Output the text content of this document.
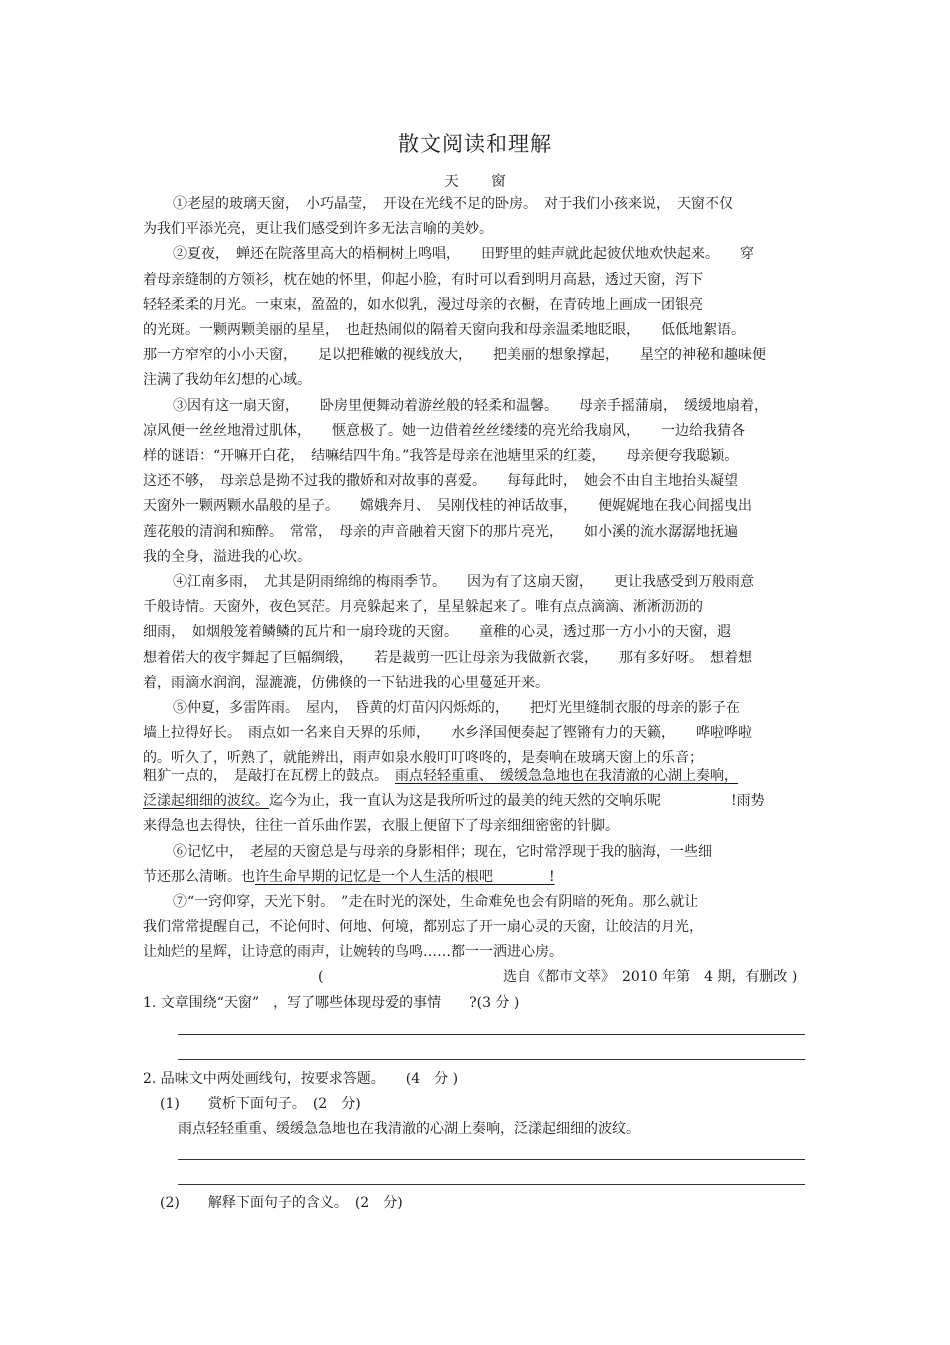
散文阅读和理解
天 窗
①老屋的玻璃天窗，　小巧晶莹，　开设在光线不足的卧房。　对于我们小孩来说，　天窗不仅
为我们平添光亮，更让我们感受到许多无法言喻的美妙。
②夏夜，　蝉还在院落里高大的梧桐树上鸣唱，　　田野里的蛙声就此起彼伏地欢快起来。　　穿
着母亲缝制的方领衫，枕在她的怀里，仰起小脸，有时可以看到明月高悬，透过天窗，泻下
轻轻柔柔的月光。一束束，盈盈的，如水似乳，漫过母亲的衣橱，在青砖地上画成一团银亮
的光斑。一颗两颗美丽的星星，　也赶热闹似的隔着天窗向我和母亲温柔地眨眼，　　低低地絮语。
那一方窄窄的小小天窗，　　足以把稚嫩的视线放大，　　把美丽的想象撑起，　　星空的神秘和趣味便
注满了我幼年幻想的心域。
③因有这一扇天窗，　　卧房里便舞动着游丝般的轻柔和温馨。　　母亲手摇蒲扇，　缓缓地扇着，
凉风便一丝丝地滑过肌体，　　惬意极了。她一边借着丝丝缕缕的亮光给我扇风，　　一边给我猜各
样的谜语：“开嘛开白花，　结嘛结四牛角。”我答是母亲在池塘里采的红菱，　　母亲便夸我聪颖。
这还不够，　母亲总是拗不过我的撒娇和对故事的喜爱。　　每每此时，　她会不由自主地抬头凝望
天窗外一颗两颗水晶般的星子。　　嫦娥奔月、　吴刚伐桂的神话故事，　　便娓娓地在我心间摇曳出
莲花般的清润和痴醉。　常常，　母亲的声音融着天窗下的那片亮光，　　如小溪的流水潺潺地抚遍
我的全身，溢进我的心坎。
④江南多雨，　尤其是阴雨绵绵的梅雨季节。　　因为有了这扇天窗，　　更让我感受到万般雨意
千般诗情。天窗外，夜色冥茫。月亮躲起来了，星星躲起来了。唯有点点滴滴、淅淅沥沥的
细雨，　如烟般笼着鳞鳞的瓦片和一扇玲珑的天窗。　　童稚的心灵，透过那一方小小的天窗，遐
想着偌大的夜宇舞起了巨幅绸缎，　　若是裁剪一匹让母亲为我做新衣裳，　　那有多好呀。　想着想
着，雨滴水润润，湿漉漉，仿佛倏的一下钻进我的心里蔓延开来。
⑤仲夏，多雷阵雨。　屋内，　昏黄的灯苗闪闪烁烁的，　　把灯光里缝制衣服的母亲的影子在
墙上拉得好长。　雨点如一名来自天界的乐师，　　水乡泽国便奏起了铿锵有力的天籁，　　哗啦哗啦
的。听久了，听熟了，就能辨出，雨声如泉水般叮叮咚咚的，是奏响在玻璃天窗上的乐音；
粗犷一点的，　是敲打在瓦楞上的鼓点。　雨点轻轻重重、　缓缓急急地也在我清澈的心湖上奏响，
泛漾起细细的波纹。迄今为止，我一直认为这是我所听过的最美的纯天然的交响乐呢　　　　　!雨势
来得急也去得快，往往一首乐曲作罢，衣服上便留下了母亲细细密密的针脚。
⑥记忆中，　老屋的天窗总是与母亲的身影相伴；现在，它时常浮现于我的脑海，一些细
节还那么清晰。也许生命早期的记忆是一个人生活的根吧　　　　!
⑦“一窍仰穿，天光下射。　”走在时光的深处，生命难免也会有阴暗的死角。那么就让
我们常常提醒自己，不论何时、何地、何境，都别忘了开一扇心灵的天窗，让皎洁的月光，
让灿烂的星辉，让诗意的雨声，让婉转的鸟鸣……都一一洒进心房。
(	选自《都市文萃》　2010 年第　4 期，有删改 )
1. 文章围绕“天窗”　，写了哪些体现母爱的事情　　?(3 分 )
2. 品味文中两处画线句，按要求答题。　　(4　分 )
(1)　　赏析下面句子。　(2　分)
雨点轻轻重重、缓缓急急地也在我清澈的心湖上奏响，泛漾起细细的波纹。
(2)　　解释下面句子的含义。　(2　分)
